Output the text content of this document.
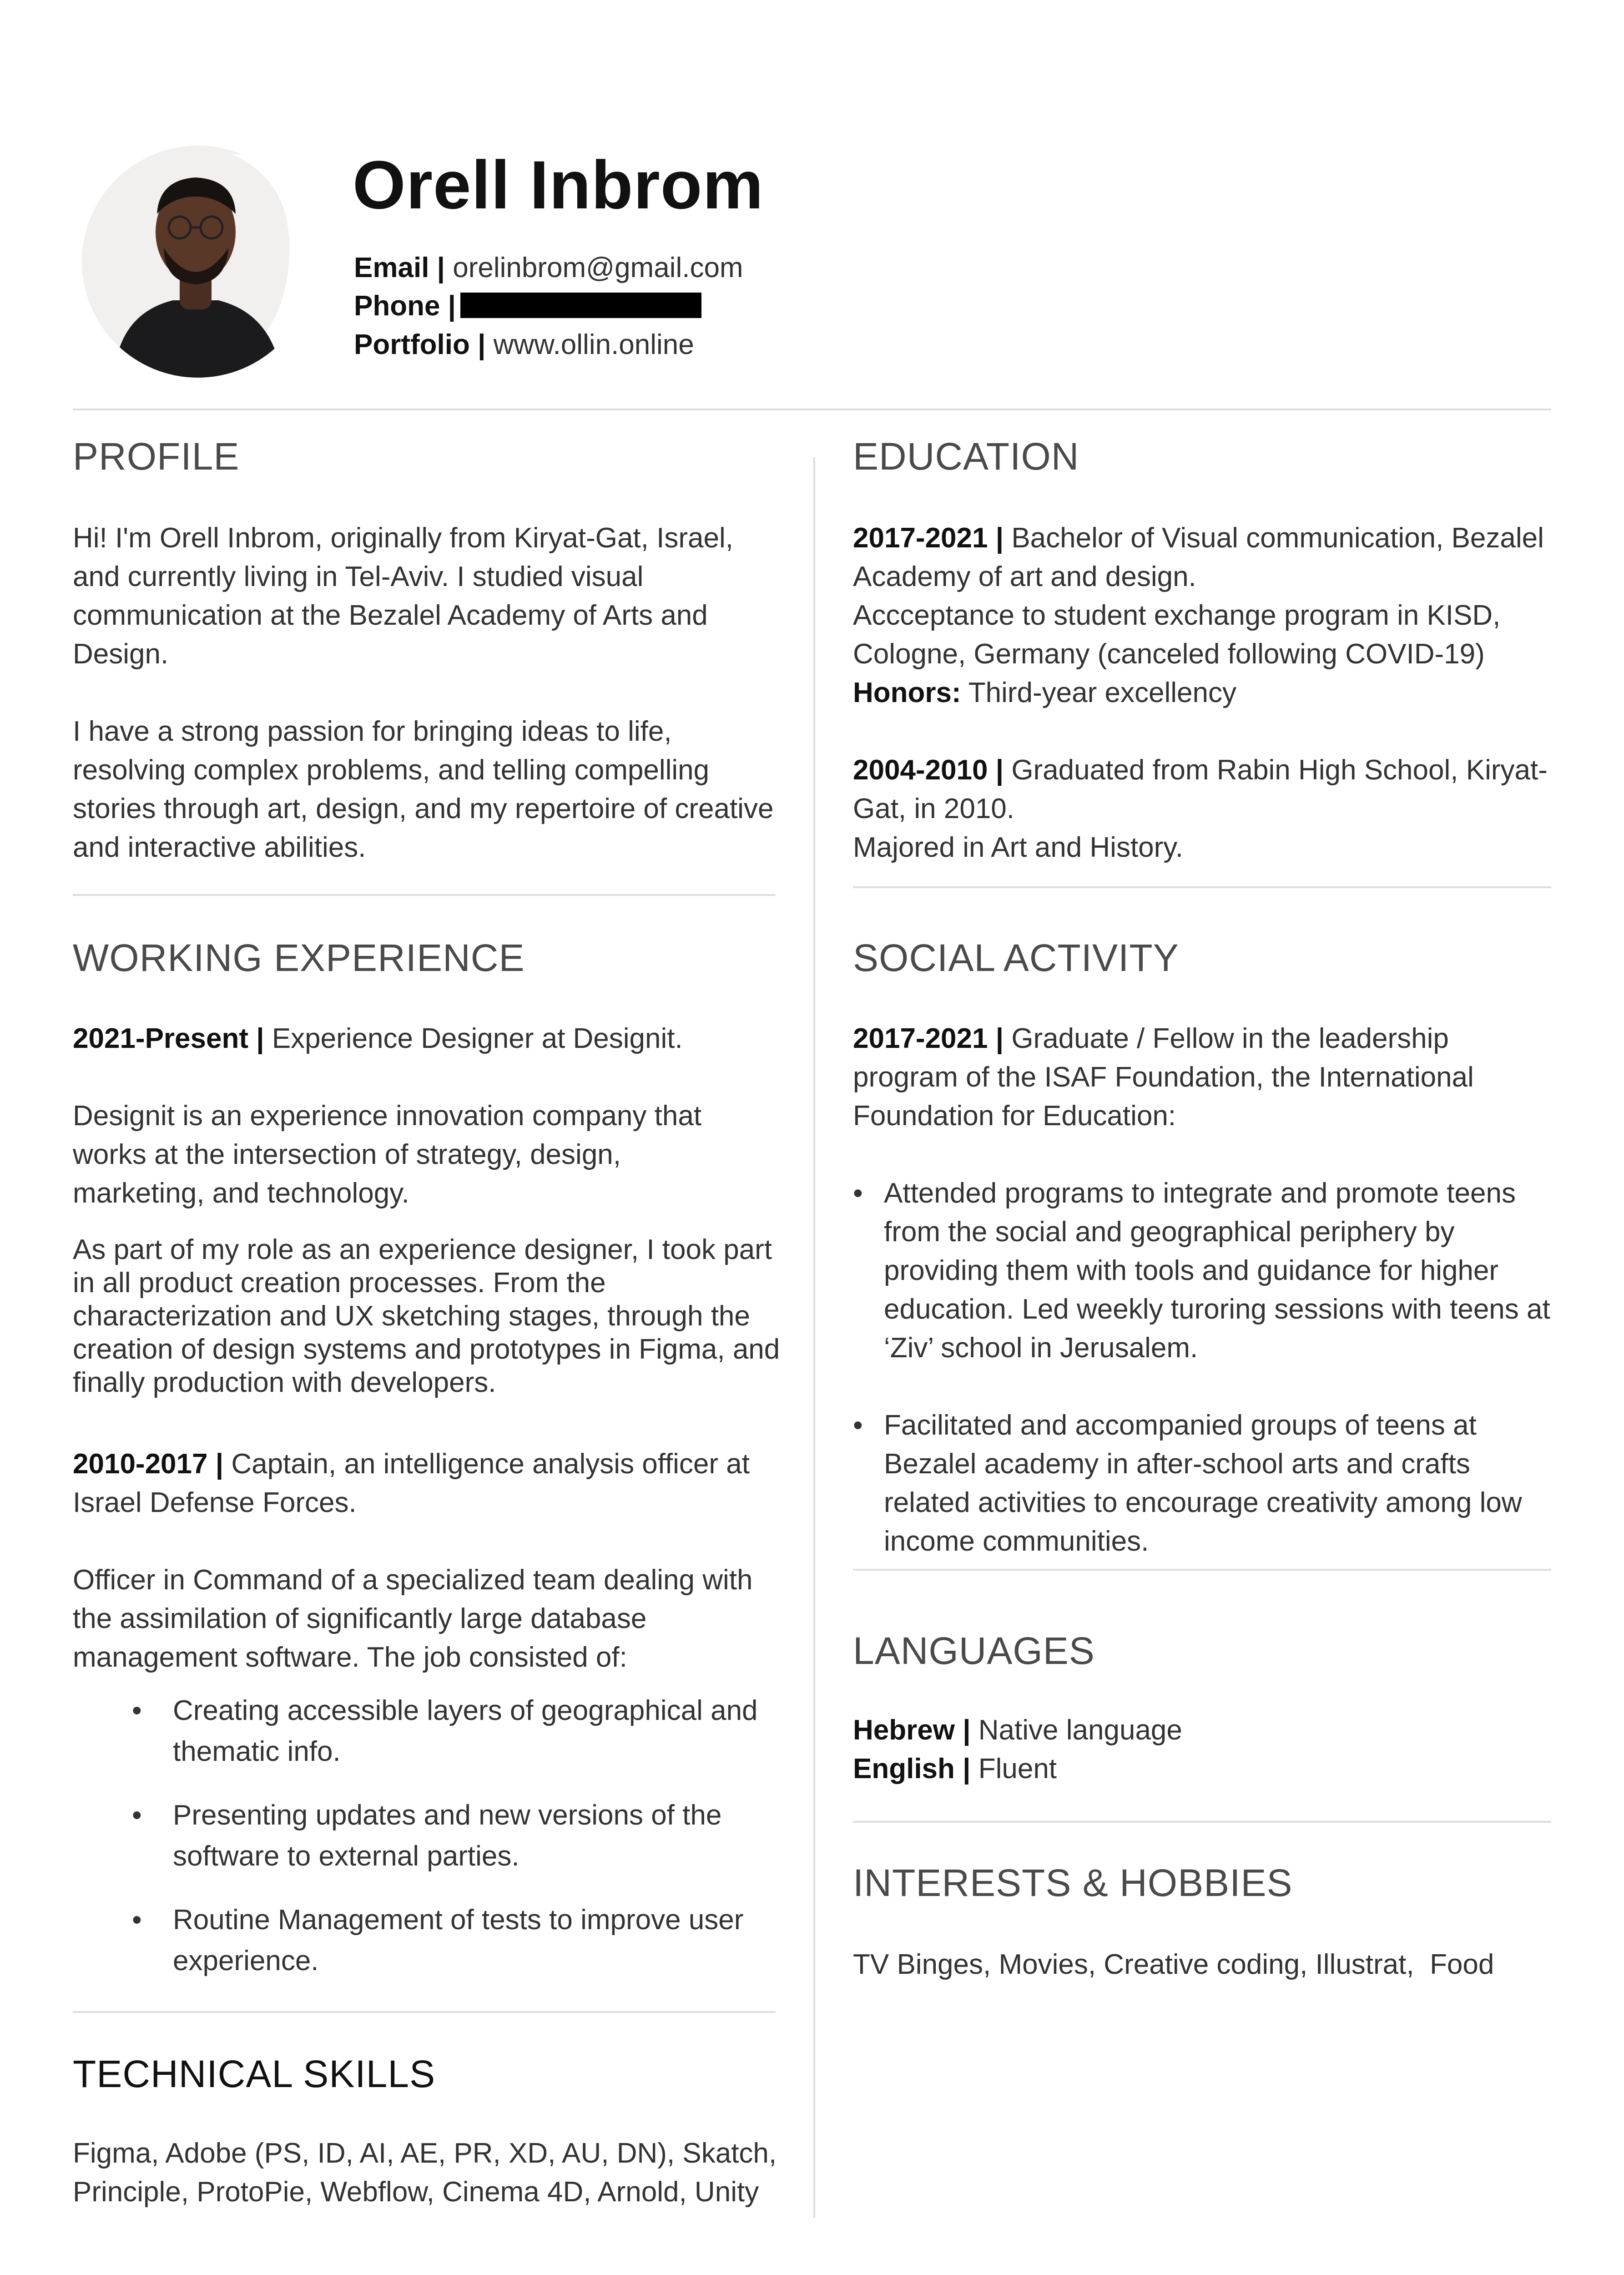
Orell Inbrom
Email | orelinbrom@gmail.com
Phone |
Portfolio | www.ollin.online
PROFILE
Hi! I'm Orell Inbrom, originally from Kiryat-Gat, Israel, and currently living in Tel-Aviv. I studied visual communication at the Bezalel Academy of Arts and Design.
I have a strong passion for bringing ideas to life, resolving complex problems, and telling compelling stories through art, design, and my repertoire of creative and interactive abilities.
WORKING EXPERIENCE
2021-Present | Experience Designer at Designit.
Designit is an experience innovation company that works at the intersection of strategy, design, marketing, and technology.
As part of my role as an experience designer, I took part in all product creation processes. From the characterization and UX sketching stages, through the creation of design systems and prototypes in Figma, and finally production with developers.
2010-2017 | Captain, an intelligence analysis officer at Israel Defense Forces.
Officer in Command of a specialized team dealing with the assimilation of significantly large database management software. The job consisted of:
• Creating accessible layers of geographical and thematic info.
• Presenting updates and new versions of the software to external parties.
• Routine Management of tests to improve user experience.
TECHNICAL SKILLS
Figma, Adobe (PS, ID, AI, AE, PR, XD, AU, DN), Skatch, Principle, ProtoPie, Webflow, Cinema 4D, Arnold, Unity
EDUCATION
2017-2021 | Bachelor of Visual communication, Bezalel Academy of art and design.
Accceptance to student exchange program in KISD, Cologne, Germany (canceled following COVID-19)
Honors: Third-year excellency
2004-2010 | Graduated from Rabin High School, Kiryat-Gat, in 2010.
Majored in Art and History.
SOCIAL ACTIVITY
2017-2021 | Graduate / Fellow in the leadership program of the ISAF Foundation, the International Foundation for Education:
• Attended programs to integrate and promote teens from the social and geographical periphery by providing them with tools and guidance for higher education. Led weekly turoring sessions with teens at ‘Ziv’ school in Jerusalem.
• Facilitated and accompanied groups of teens at Bezalel academy in after-school arts and crafts related activities to encourage creativity among low income communities.
LANGUAGES
Hebrew | Native language
English | Fluent
INTERESTS & HOBBIES
TV Binges, Movies, Creative coding, Illustrat,  Food
